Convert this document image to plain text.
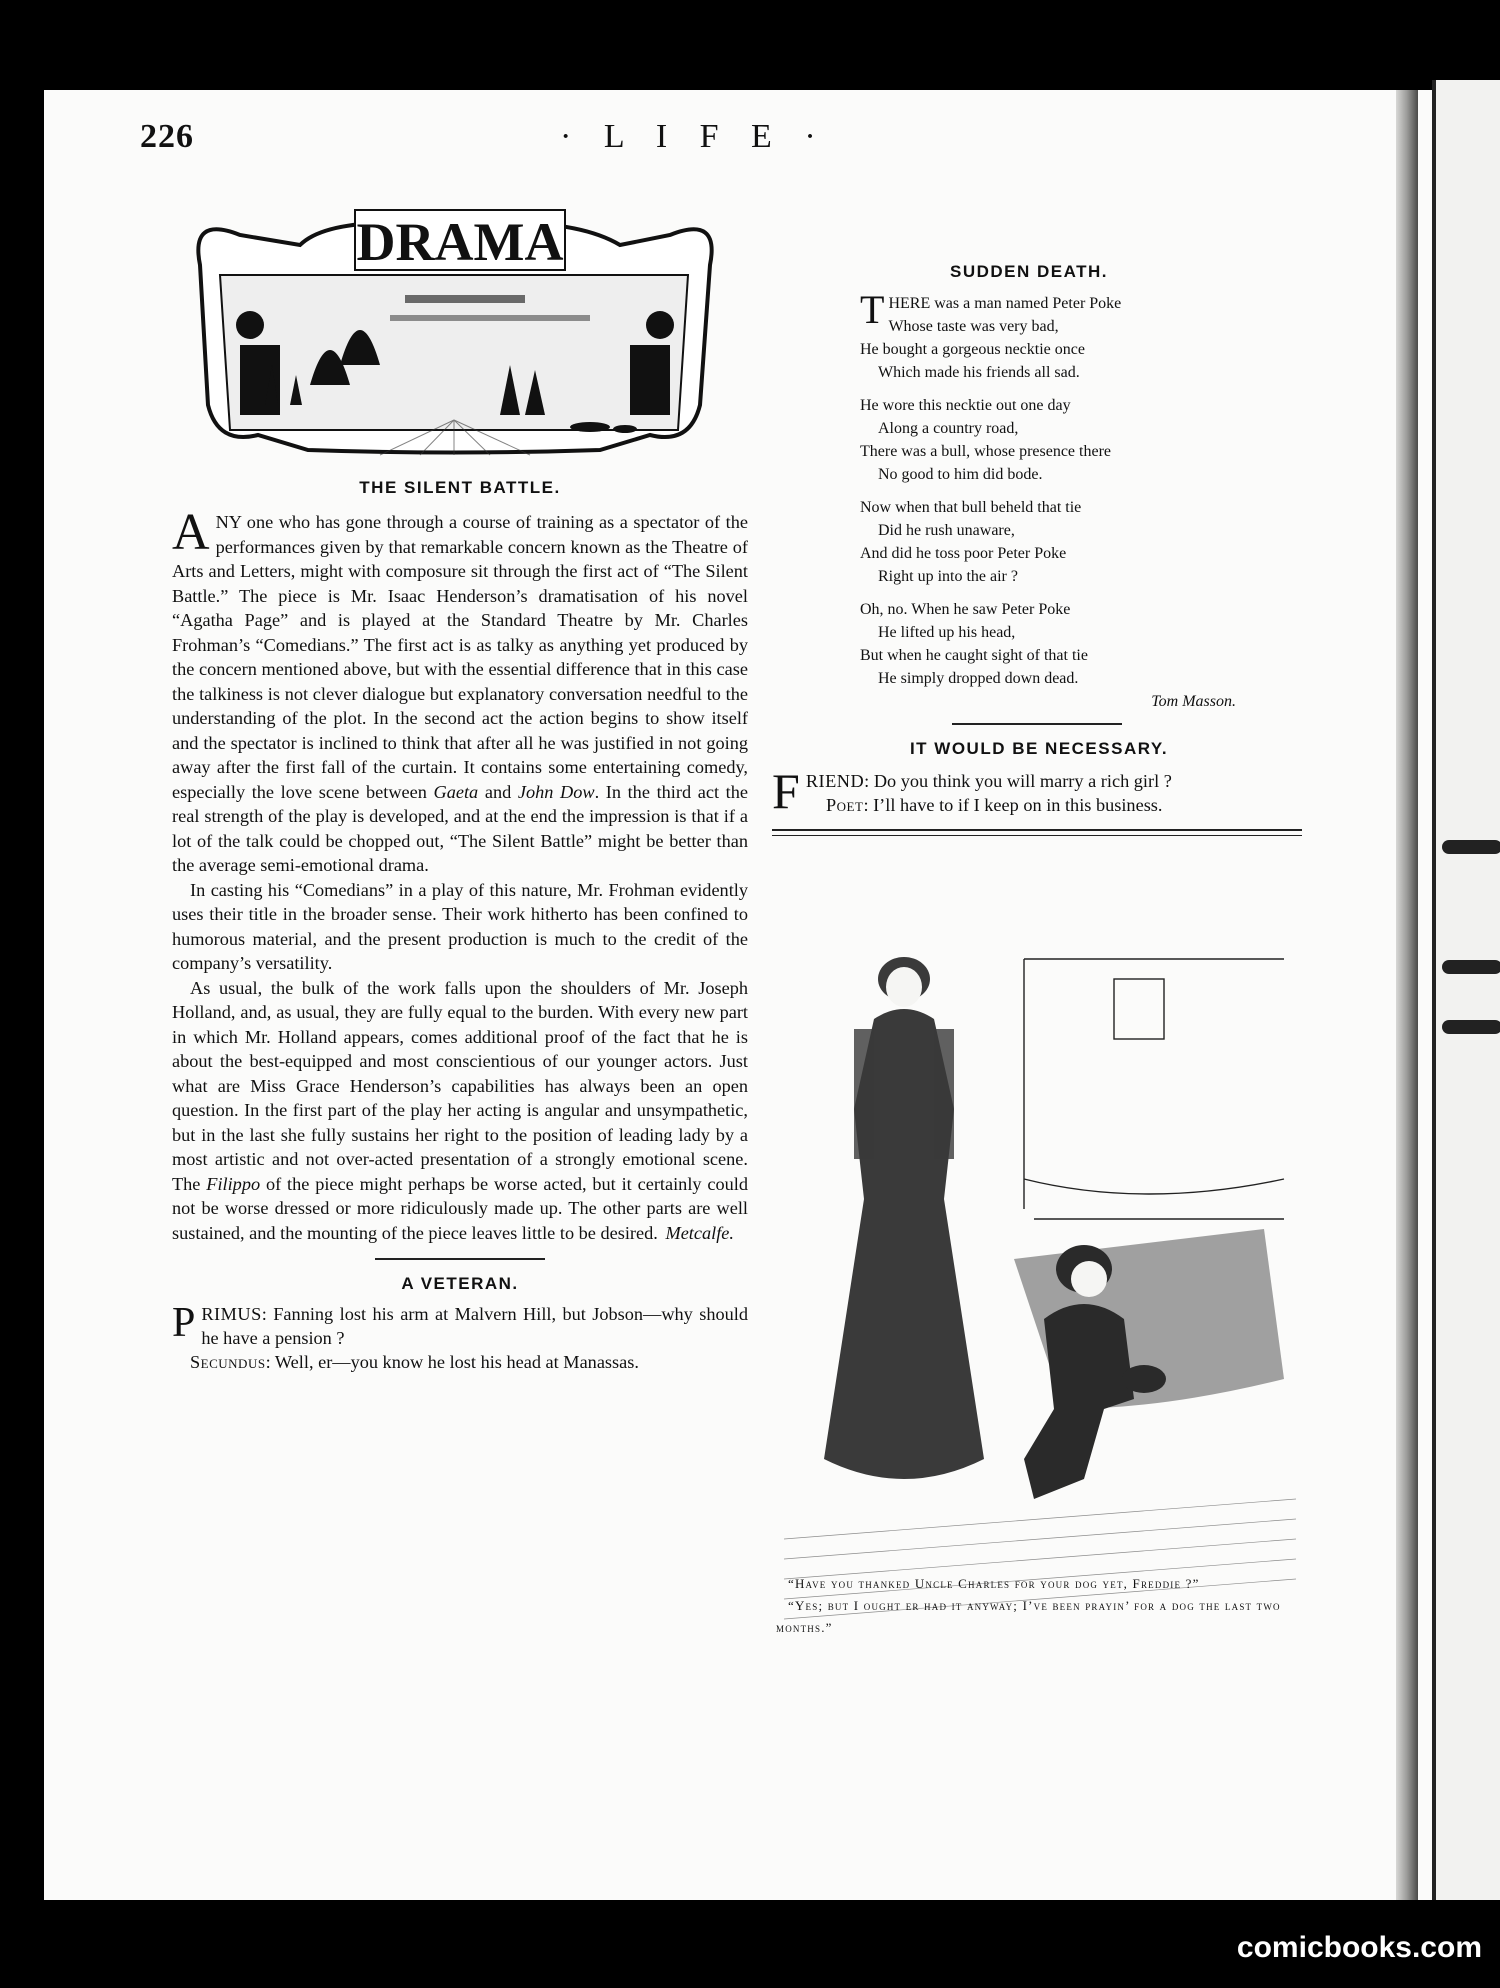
226	· L I F E ·
DRAMA
THE SILENT BATTLE.

ANY one who has gone through a course of training as a spectator of the performances given by that remarkable concern known as the Theatre of Arts and Letters, might with composure sit through the first act of “The Silent Battle.” The piece is Mr. Isaac Henderson’s dramatisation of his novel “Agatha Page” and is played at the Standard Theatre by Mr. Charles Frohman’s “Comedians.” The first act is as talky as anything yet produced by the concern mentioned above, but with the essential difference that in this case the talkiness is not clever dialogue but explanatory conversation needful to the understanding of the plot. In the second act the action begins to show itself and the spectator is inclined to think that after all he was justified in not going away after the first fall of the curtain. It contains some entertaining comedy, especially the love scene between Gaeta and John Dow. In the third act the real strength of the play is developed, and at the end the impression is that if a lot of the talk could be chopped out, “The Silent Battle” might be better than the average semi-emotional drama.

In casting his “Comedians” in a play of this nature, Mr. Frohman evidently uses their title in the broader sense. Their work hitherto has been confined to humorous material, and the present production is much to the credit of the company’s versatility.

As usual, the bulk of the work falls upon the shoulders of Mr. Joseph Holland, and, as usual, they are fully equal to the burden. With every new part in which Mr. Holland appears, comes additional proof of the fact that he is about the best-equipped and most conscientious of our younger actors. Just what are Miss Grace Henderson’s capabilities has always been an open question. In the first part of the play her acting is angular and unsympathetic, but in the last she fully sustains her right to the position of leading lady by a most artistic and not over-acted presentation of a strongly emotional scene. The Filippo of the piece might perhaps be worse acted, but it certainly could not be worse dressed or more ridiculously made up. The other parts are well sustained, and the mounting of the piece leaves little to be desired. Metcalfe.

A VETERAN.

PRIMUS: Fanning lost his arm at Malvern Hill, but Jobson—why should he have a pension ?

Secundus: Well, er—you know he lost his head at Manassas.

SUDDEN DEATH.
THERE was a man named Peter Poke
Whose taste was very bad,
He bought a gorgeous necktie once
Which made his friends all sad.
He wore this necktie out one day
Along a country road,
There was a bull, whose presence there
No good to him did bode.
Now when that bull beheld that tie
Did he rush unaware,
And did he toss poor Peter Poke
Right up into the air ?
Oh, no. When he saw Peter Poke
He lifted up his head,
But when he caught sight of that tie
He simply dropped down dead.
Tom Masson.
IT WOULD BE NECESSARY.

FRIEND: Do you think you will marry a rich girl ?

Poet: I’ll have to if I keep on in this business.

“Have you thanked Uncle Charles for your dog yet, Freddie ?”
“Yes; but I ought er had it anyway; I’ve been prayin’ for a dog the last two months.”
comicbooks.com
